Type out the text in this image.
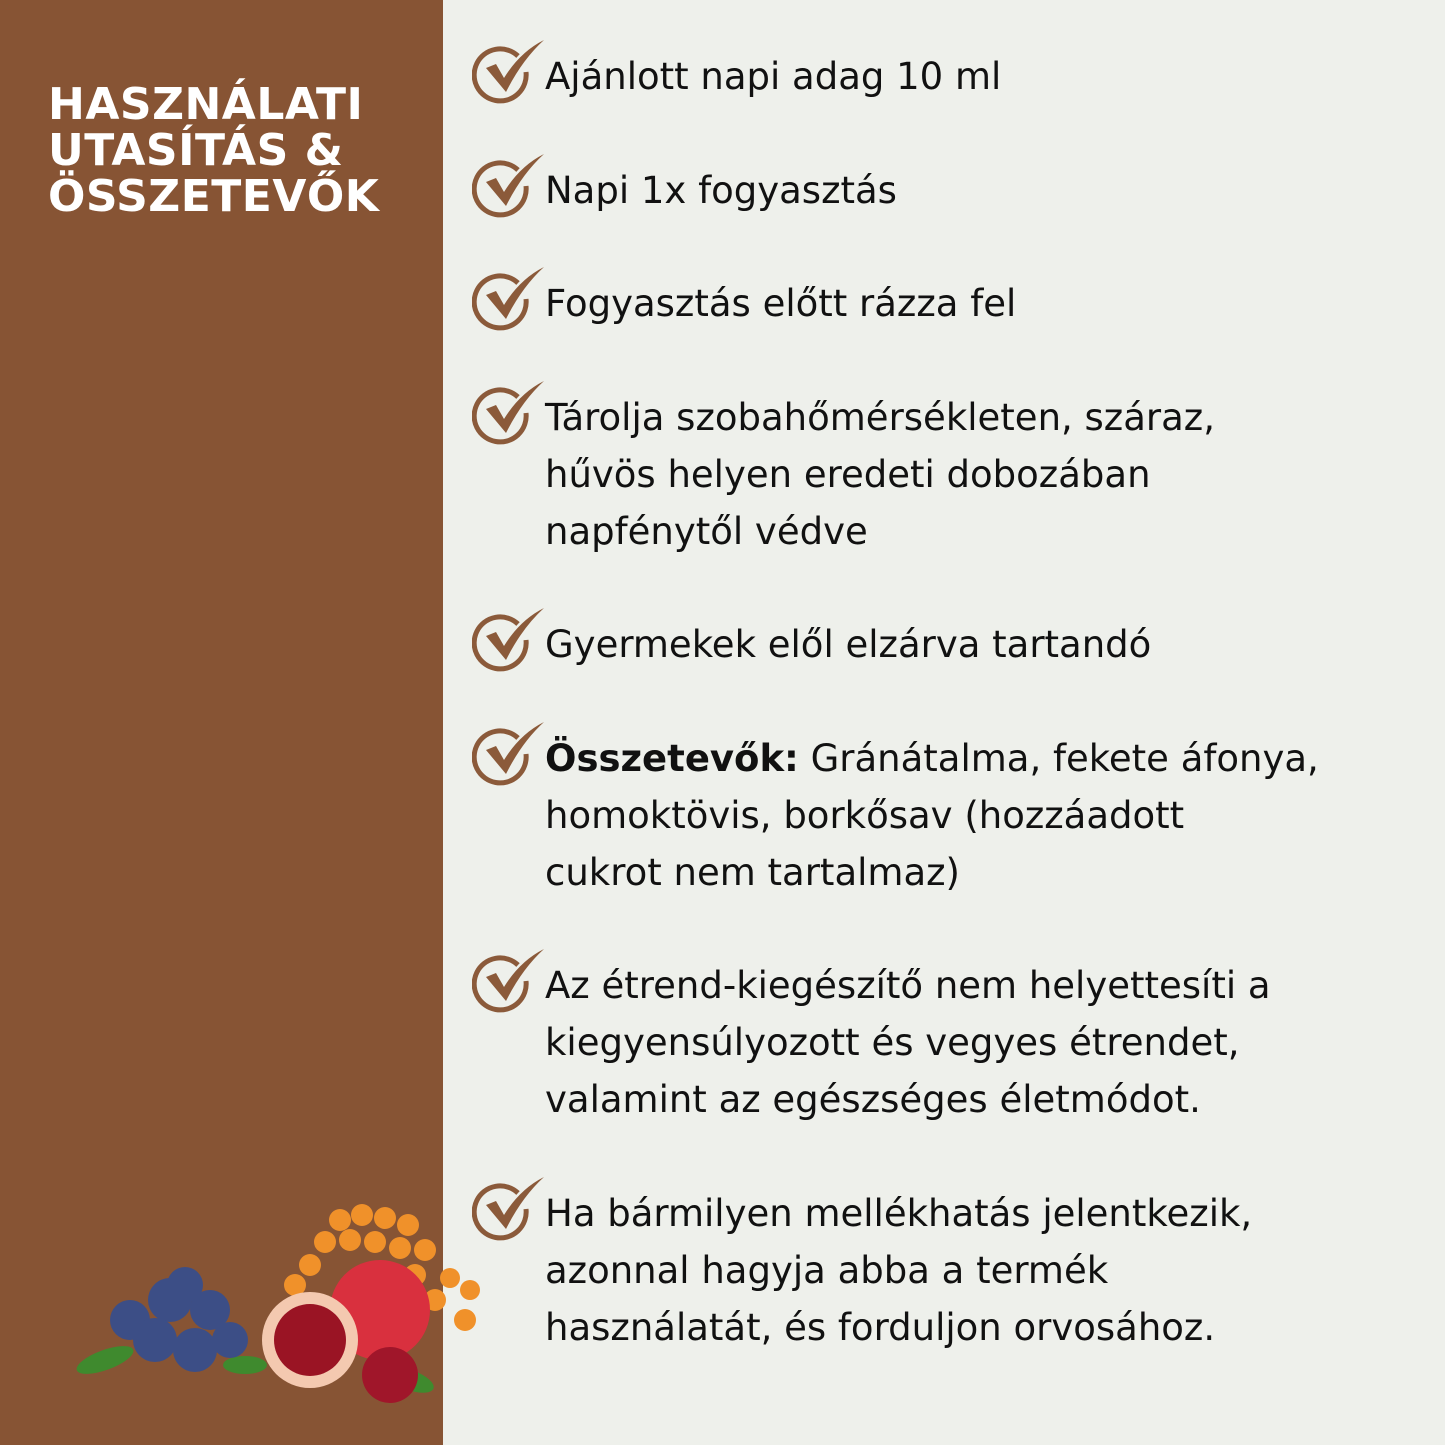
HASZNÁLATI
UTASÍTÁS &
ÖSSZETEVŐK
Ajánlott napi adag 10 ml
Napi 1x fogyasztás
Fogyasztás előtt rázza fel
Tárolja szobahőmérsékleten, száraz,
hűvös helyen eredeti dobozában
napfénytől védve
Gyermekek elől elzárva tartandó
Összetevők: Gránátalma, fekete áfonya,
homoktövis, borkősav (hozzáadott
cukrot nem tartalmaz)
Az étrend-kiegészítő nem helyettesíti a
kiegyensúlyozott és vegyes étrendet,
valamint az egészséges életmódot.
Ha bármilyen mellékhatás jelentkezik,
azonnal hagyja abba a termék
használatát, és forduljon orvosához.
